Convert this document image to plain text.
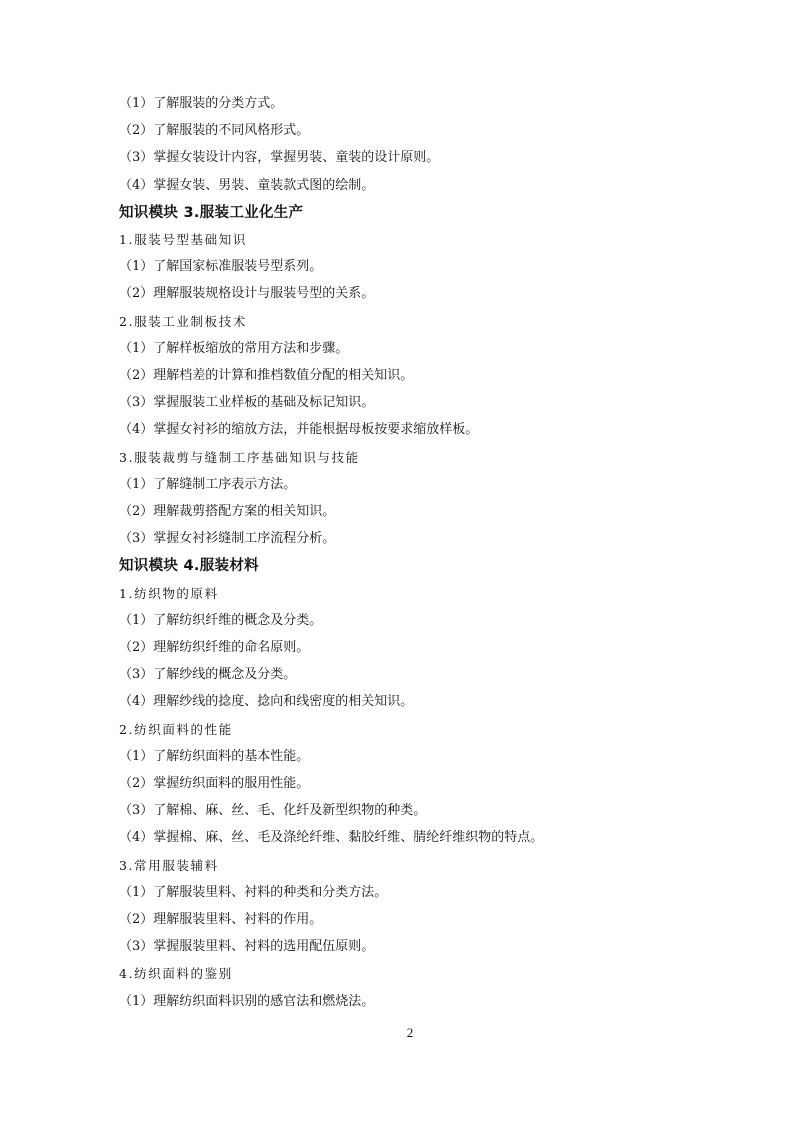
（1）了解服装的分类方式。
（2）了解服装的不同风格形式。
（3）掌握女装设计内容，掌握男装、童装的设计原则。
（4）掌握女装、男装、童装款式图的绘制。
知识模块 3.服装工业化生产
1.服装号型基础知识
（1）了解国家标准服装号型系列。
（2）理解服装规格设计与服装号型的关系。
2.服装工业制板技术
（1）了解样板缩放的常用方法和步骤。
（2）理解档差的计算和推档数值分配的相关知识。
（3）掌握服装工业样板的基础及标记知识。
（4）掌握女衬衫的缩放方法，并能根据母板按要求缩放样板。
3.服装裁剪与缝制工序基础知识与技能
（1）了解缝制工序表示方法。
（2）理解裁剪搭配方案的相关知识。
（3）掌握女衬衫缝制工序流程分析。
知识模块 4.服装材料
1.纺织物的原料
（1）了解纺织纤维的概念及分类。
（2）理解纺织纤维的命名原则。
（3）了解纱线的概念及分类。
（4）理解纱线的捻度、捻向和线密度的相关知识。
2.纺织面料的性能
（1）了解纺织面料的基本性能。
（2）掌握纺织面料的服用性能。
（3）了解棉、麻、丝、毛、化纤及新型织物的种类。
（4）掌握棉、麻、丝、毛及涤纶纤维、黏胶纤维、腈纶纤维织物的特点。
3.常用服装辅料
（1）了解服装里料、衬料的种类和分类方法。
（2）理解服装里料、衬料的作用。
（3）掌握服装里料、衬料的选用配伍原则。
4.纺织面料的鉴别
（1）理解纺织面料识别的感官法和燃烧法。
2
